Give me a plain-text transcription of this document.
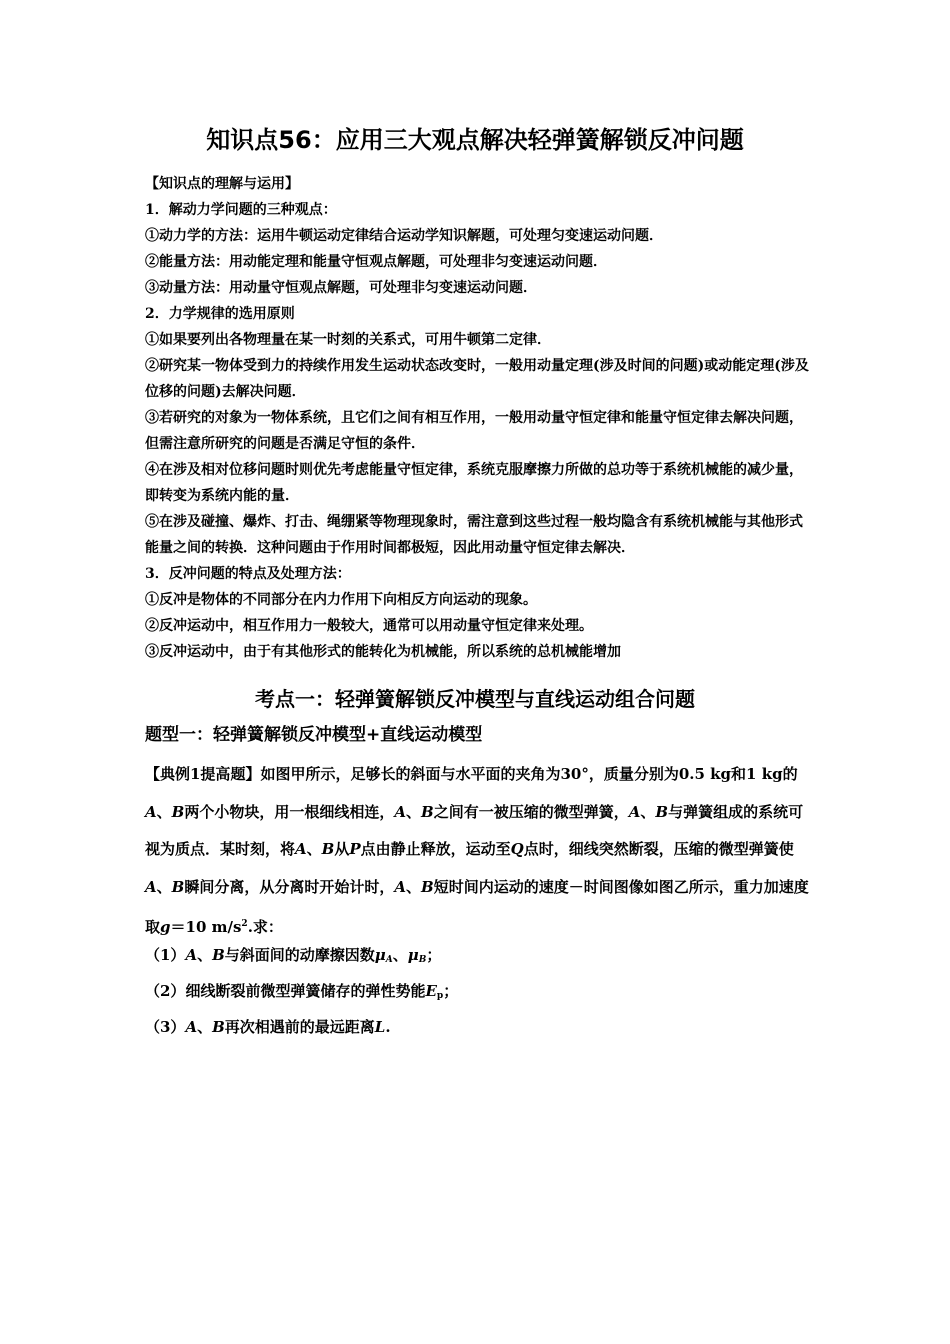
知识点56：应用三大观点解决轻弹簧解锁反冲问题

【知识点的理解与运用】

1．解动力学问题的三种观点：

①动力学的方法：运用牛顿运动定律结合运动学知识解题，可处理匀变速运动问题．

②能量方法：用动能定理和能量守恒观点解题，可处理非匀变速运动问题．

③动量方法：用动量守恒观点解题，可处理非匀变速运动问题．

2．力学规律的选用原则

①如果要列出各物理量在某一时刻的关系式，可用牛顿第二定律．

②研究某一物体受到力的持续作用发生运动状态改变时，一般用动量定理(涉及时间的问题)或动能定理(涉及位移的问题)去解决问题．

③若研究的对象为一物体系统，且它们之间有相互作用，一般用动量守恒定律和能量守恒定律去解决问题，但需注意所研究的问题是否满足守恒的条件．

④在涉及相对位移问题时则优先考虑能量守恒定律，系统克服摩擦力所做的总功等于系统机械能的减少量，即转变为系统内能的量．

⑤在涉及碰撞、爆炸、打击、绳绷紧等物理现象时，需注意到这些过程一般均隐含有系统机械能与其他形式能量之间的转换．这种问题由于作用时间都极短，因此用动量守恒定律去解决．

3．反冲问题的特点及处理方法：

①反冲是物体的不同部分在内力作用下向相反方向运动的现象。

②反冲运动中，相互作用力一般较大，通常可以用动量守恒定律来处理。

③反冲运动中，由于有其他形式的能转化为机械能，所以系统的总机械能增加

考点一：轻弹簧解锁反冲模型与直线运动组合问题
题型一：轻弹簧解锁反冲模型+直线运动模型

【典例1提高题】如图甲所示，足够长的斜面与水平面的夹角为30°，质量分别为0.5 kg和1 kg的A、B两个小物块，用一根细线相连，A、B之间有一被压缩的微型弹簧，A、B与弹簧组成的系统可视为质点．某时刻，将A、B从P点由静止释放，运动至Q点时，细线突然断裂，压缩的微型弹簧使A、B瞬间分离，从分离时开始计时，A、B短时间内运动的速度－时间图像如图乙所示，重力加速度取g＝10 $m/s^2$.求：

（1）A、B与斜面间的动摩擦因数$\mu_A$、$\mu_B$；

（2）细线断裂前微型弹簧储存的弹性势能$E_p$；

（3）A、B再次相遇前的最远距离L.
